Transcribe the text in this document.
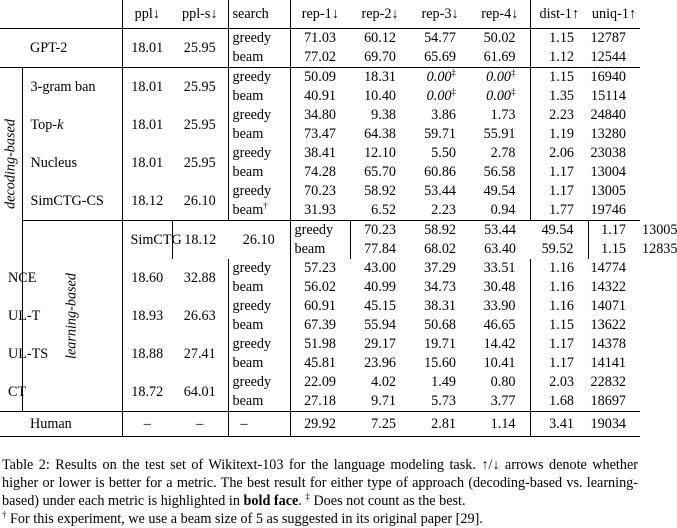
		ppl↓	ppl-s↓	search	rep-1↓	rep-2↓	rep-3↓	rep-4↓	dist-1↑	uniq-1↑	
	GPT-2	18.01	25.95	greedy	71.03	60.12	54.77	50.02	1.15	12787	
				beam	77.02	69.70	65.69	61.69	1.12	12544	

decoding-based	3-gram ban	18.01	25.95	greedy	50.09	18.31	0.00‡	0.00‡	1.15	16940	
				beam	40.91	10.40	0.00‡	0.00‡	1.35	15114	
	Top-k	18.01	25.95	greedy	34.80	9.38	3.86	1.73	2.23	24840	
				beam	73.47	64.38	59.71	55.91	1.19	13280	
	Nucleus	18.01	25.95	greedy	38.41	12.10	5.50	2.78	2.06	23038	
				beam	74.28	65.70	60.86	56.58	1.17	13004	
	SimCTG-CS	18.12	26.10	greedy	70.23	58.92	53.44	49.54	1.17	13005	
				beam†	31.93	6.52	2.23	0.94	1.77	19746	

	learning-based	SimCTG	18.12	26.10	greedy	70.23	58.92	53.44	49.54	1.17	13005
					beam	77.84	68.02	63.40	59.52	1.15	12835
NCE		18.60	32.88	greedy	57.23	43.00	37.29	33.51	1.16	14774	
				beam	56.02	40.99	34.73	30.48	1.16	14322	
UL-T		18.93	26.63	greedy	60.91	45.15	38.31	33.90	1.16	14071	
				beam	67.39	55.94	50.68	46.65	1.15	13622	
UL-TS		18.88	27.41	greedy	51.98	29.17	19.71	14.42	1.17	14378	
				beam	45.81	23.96	15.60	10.41	1.17	14141	
CT		18.72	64.01	greedy	22.09	4.02	1.49	0.80	2.03	22832	
				beam	27.18	9.71	5.73	3.77	1.68	18697	
	Human	–	–	–	29.92	7.25	2.81	1.14	3.41	19034	

Table 2: Results on the test set of Wikitext-103 for the language modeling task. ↑/↓ arrows denote whether higher or lower is better for a metric. The best result for either type of approach (decoding-based vs. learning-based) under each metric is highlighted in bold face. ‡ Does not count as the best.
† For this experiment, we use a beam size of 5 as suggested in its original paper [29].
